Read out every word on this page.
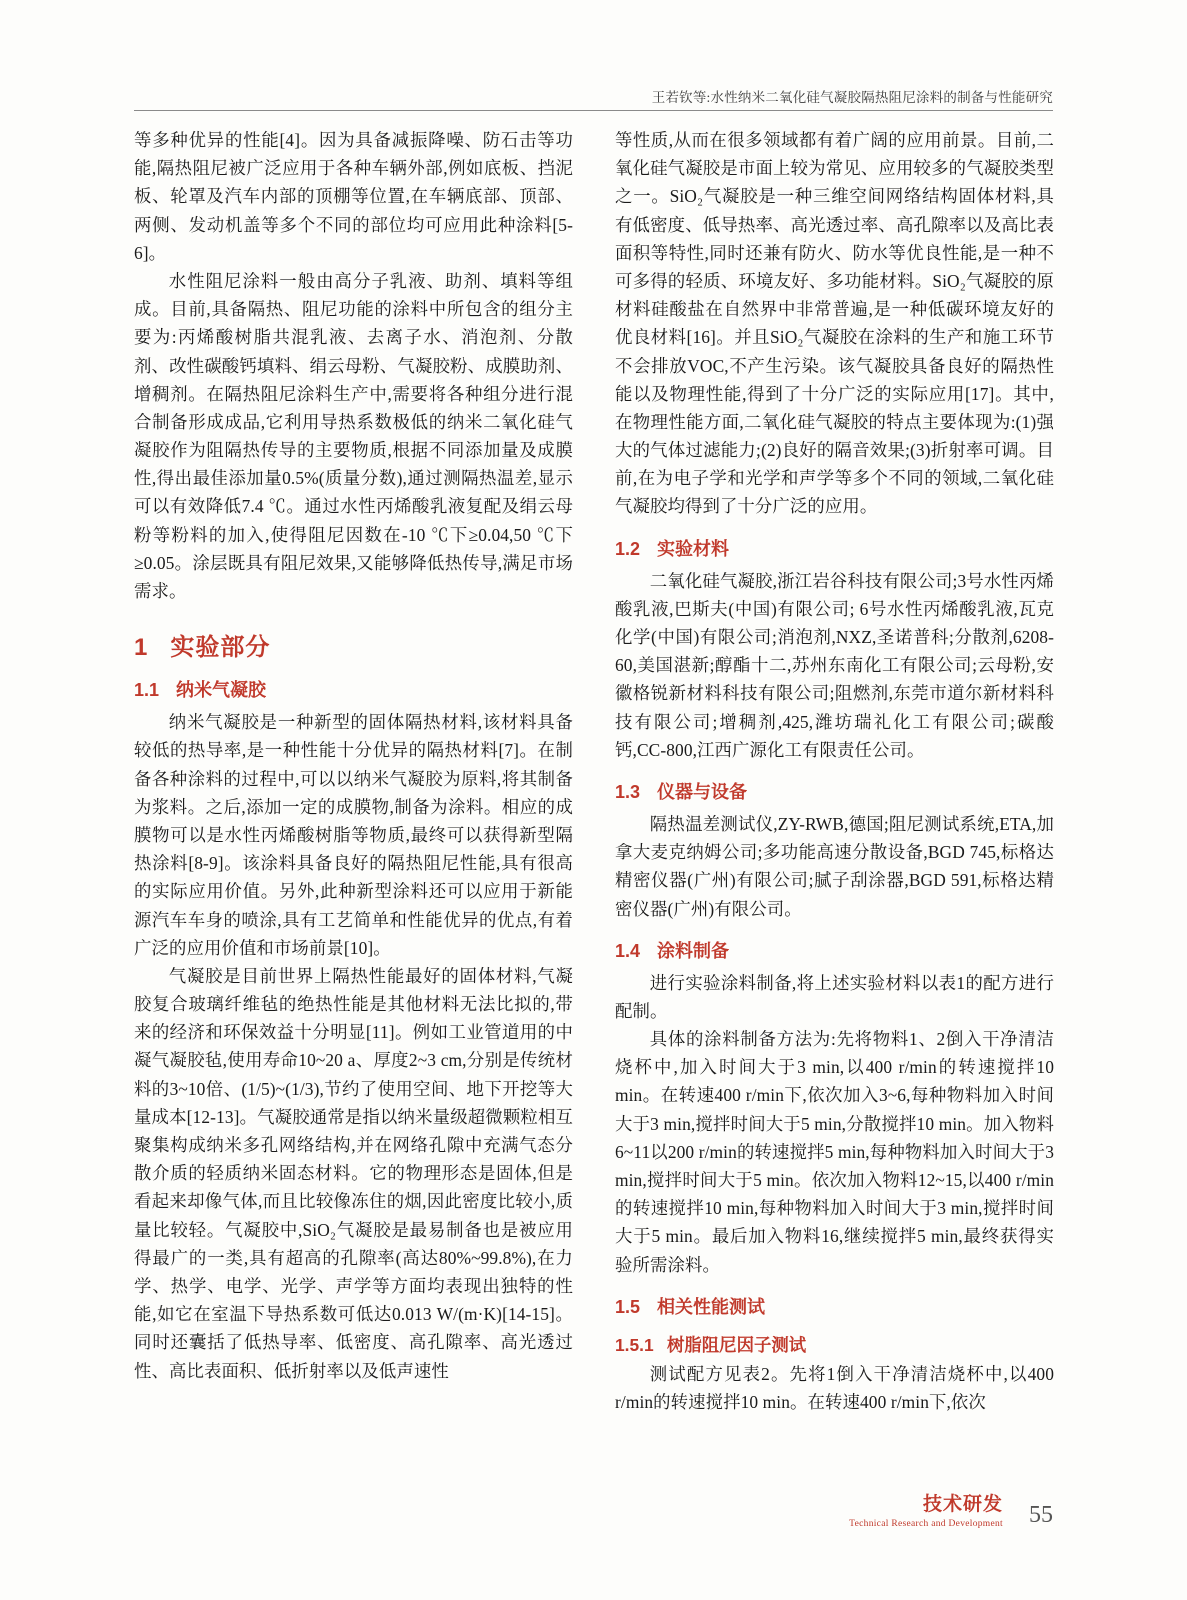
王若钦等:水性纳米二氧化硅气凝胶隔热阻尼涂料的制备与性能研究

等多种优异的性能[4]。因为具备减振降噪、防石击等功能,隔热阻尼被广泛应用于各种车辆外部,例如底板、挡泥板、轮罩及汽车内部的顶棚等位置,在车辆底部、顶部、两侧、发动机盖等多个不同的部位均可应用此种涂料[5-6]。

水性阻尼涂料一般由高分子乳液、助剂、填料等组成。目前,具备隔热、阻尼功能的涂料中所包含的组分主要为:丙烯酸树脂共混乳液、去离子水、消泡剂、分散剂、改性碳酸钙填料、绢云母粉、气凝胶粉、成膜助剂、增稠剂。在隔热阻尼涂料生产中,需要将各种组分进行混合制备形成成品,它利用导热系数极低的纳米二氧化硅气凝胶作为阻隔热传导的主要物质,根据不同添加量及成膜性,得出最佳添加量0.5%(质量分数),通过测隔热温差,显示可以有效降低7.4 ℃。通过水性丙烯酸乳液复配及绢云母粉等粉料的加入,使得阻尼因数在-10 ℃下≥0.04,50 ℃下≥0.05。涂层既具有阻尼效果,又能够降低热传导,满足市场需求。

1 实验部分
1.1 纳米气凝胶

纳米气凝胶是一种新型的固体隔热材料,该材料具备较低的热导率,是一种性能十分优异的隔热材料[7]。在制备各种涂料的过程中,可以以纳米气凝胶为原料,将其制备为浆料。之后,添加一定的成膜物,制备为涂料。相应的成膜物可以是水性丙烯酸树脂等物质,最终可以获得新型隔热涂料[8-9]。该涂料具备良好的隔热阻尼性能,具有很高的实际应用价值。另外,此种新型涂料还可以应用于新能源汽车车身的喷涂,具有工艺简单和性能优异的优点,有着广泛的应用价值和市场前景[10]。

气凝胶是目前世界上隔热性能最好的固体材料,气凝胶复合玻璃纤维毡的绝热性能是其他材料无法比拟的,带来的经济和环保效益十分明显[11]。例如工业管道用的中凝气凝胶毡,使用寿命10~20 a、厚度2~3 cm,分别是传统材料的3~10倍、(1/5)~(1/3),节约了使用空间、地下开挖等大量成本[12-13]。气凝胶通常是指以纳米量级超微颗粒相互聚集构成纳米多孔网络结构,并在网络孔隙中充满气态分散介质的轻质纳米固态材料。它的物理形态是固体,但是看起来却像气体,而且比较像冻住的烟,因此密度比较小,质量比较轻。气凝胶中,SiO₂气凝胶是最易制备也是被应用得最广的一类,具有超高的孔隙率(高达80%~99.8%),在力学、热学、电学、光学、声学等方面均表现出独特的性能,如它在室温下导热系数可低达0.013 W/(m·K)[14-15]。同时还囊括了低热导率、低密度、高孔隙率、高光透过性、高比表面积、低折射率以及低声速性

等性质,从而在很多领域都有着广阔的应用前景。目前,二氧化硅气凝胶是市面上较为常见、应用较多的气凝胶类型之一。SiO₂气凝胶是一种三维空间网络结构固体材料,具有低密度、低导热率、高光透过率、高孔隙率以及高比表面积等特性,同时还兼有防火、防水等优良性能,是一种不可多得的轻质、环境友好、多功能材料。SiO₂气凝胶的原材料硅酸盐在自然界中非常普遍,是一种低碳环境友好的优良材料[16]。并且SiO₂气凝胶在涂料的生产和施工环节不会排放VOC,不产生污染。该气凝胶具备良好的隔热性能以及物理性能,得到了十分广泛的实际应用[17]。其中,在物理性能方面,二氧化硅气凝胶的特点主要体现为:(1)强大的气体过滤能力;(2)良好的隔音效果;(3)折射率可调。目前,在为电子学和光学和声学等多个不同的领域,二氧化硅气凝胶均得到了十分广泛的应用。

1.2 实验材料

二氧化硅气凝胶,浙江岩谷科技有限公司;3号水性丙烯酸乳液,巴斯夫(中国)有限公司; 6号水性丙烯酸乳液,瓦克化学(中国)有限公司;消泡剂,NXZ,圣诺普科;分散剂,6208-60,美国湛新;醇酯十二,苏州东南化工有限公司;云母粉,安徽格锐新材料科技有限公司;阻燃剂,东莞市道尔新材料科技有限公司;增稠剂,425,潍坊瑞礼化工有限公司;碳酸钙,CC-800,江西广源化工有限责任公司。

1.3 仪器与设备

隔热温差测试仪,ZY-RWB,德国;阻尼测试系统,ETA,加拿大麦克纳姆公司;多功能高速分散设备,BGD 745,标格达精密仪器(广州)有限公司;腻子刮涂器,BGD 591,标格达精密仪器(广州)有限公司。

1.4 涂料制备

进行实验涂料制备,将上述实验材料以表1的配方进行配制。

具体的涂料制备方法为:先将物料1、2倒入干净清洁烧杯中,加入时间大于3 min,以400 r/min的转速搅拌10 min。在转速400 r/min下,依次加入3~6,每种物料加入时间大于3 min,搅拌时间大于5 min,分散搅拌10 min。加入物料6~11以200 r/min的转速搅拌5 min,每种物料加入时间大于3 min,搅拌时间大于5 min。依次加入物料12~15,以400 r/min的转速搅拌10 min,每种物料加入时间大于3 min,搅拌时间大于5 min。最后加入物料16,继续搅拌5 min,最终获得实验所需涂料。

1.5 相关性能测试
1.5.1 树脂阻尼因子测试

测试配方见表2。先将1倒入干净清洁烧杯中,以400 r/min的转速搅拌10 min。在转速400 r/min下,依次

技术研发
Technical Research and Development 55
